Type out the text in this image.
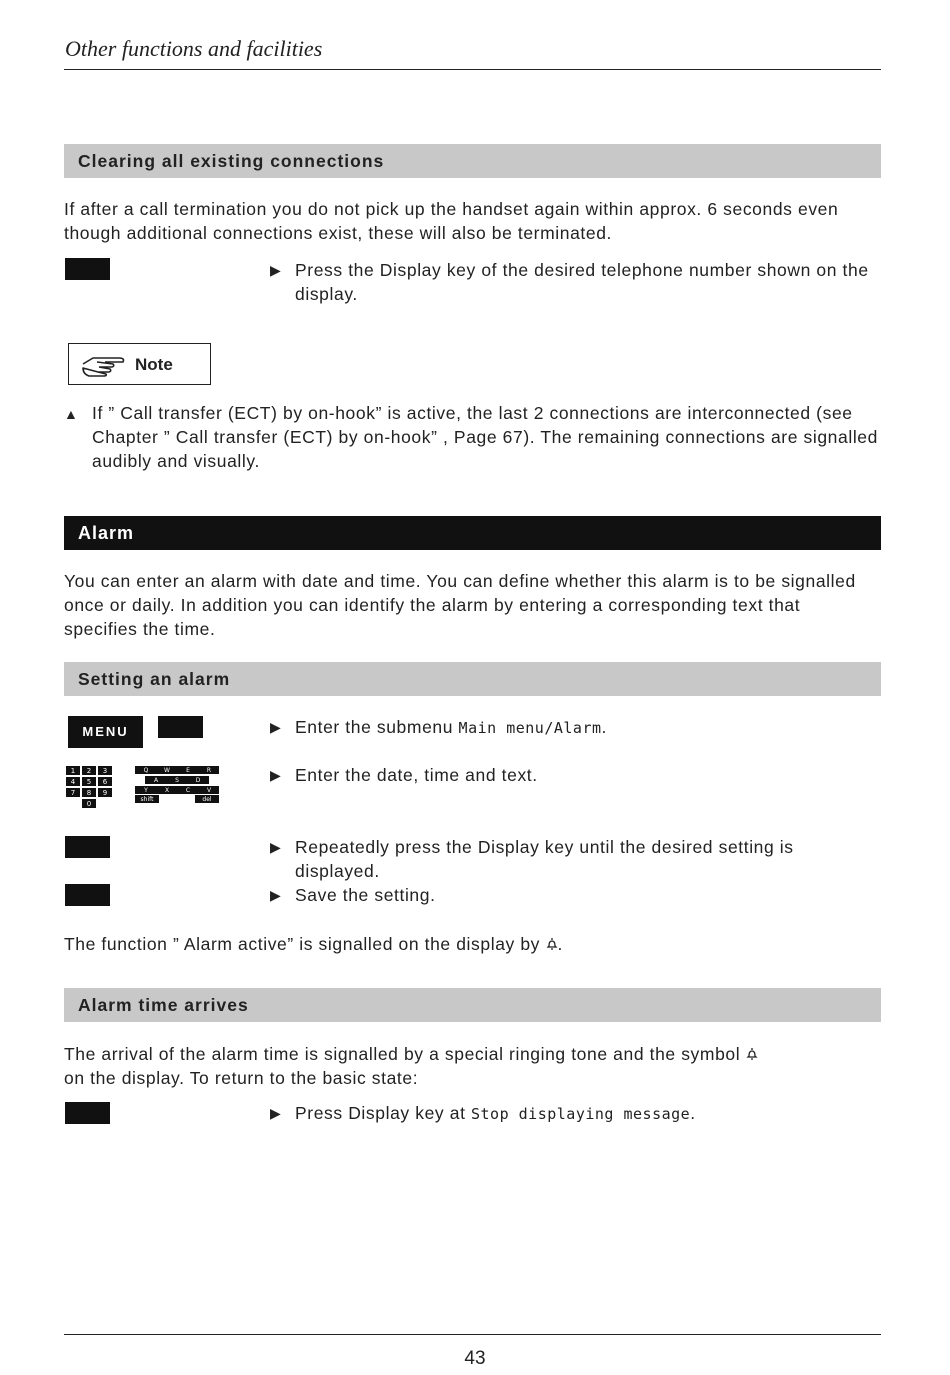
Other functions and facilities
Clearing all existing connections
If after a call termination you do not pick up the handset again within approx. 6 seconds even though additional connections exist, these will also be terminated.
▶ Press the Display key of the desired telephone number shown on the display.
Note
▲ If ” Call transfer (ECT) by on-hook” is active, the last 2 connections are interconnected (see Chapter ” Call transfer (ECT) by on-hook” , Page 67). The remaining connections are signalled audibly and visually.
Alarm
You can enter an alarm with date and time. You can define whether this alarm is to be signalled once or daily. In addition you can identify the alarm by entering a corresponding text that specifies the time.
Setting an alarm
MENU	▶ Enter the submenu Main menu/Alarm.
1 2 3
4 5 6
7 8 9
0
Q	W	E	R
A	S	D
Y	X	C	V
shift	del
▶ Enter the date, time and text.
▶ Repeatedly press the Display key until the desired setting is displayed.
▶ Save the setting.
The function ” Alarm active” is signalled on the display by .
Alarm time arrives
The arrival of the alarm time is signalled by a special ringing tone and the symbol
on the display. To return to the basic state:
▶ Press Display key at Stop displaying message.
43
